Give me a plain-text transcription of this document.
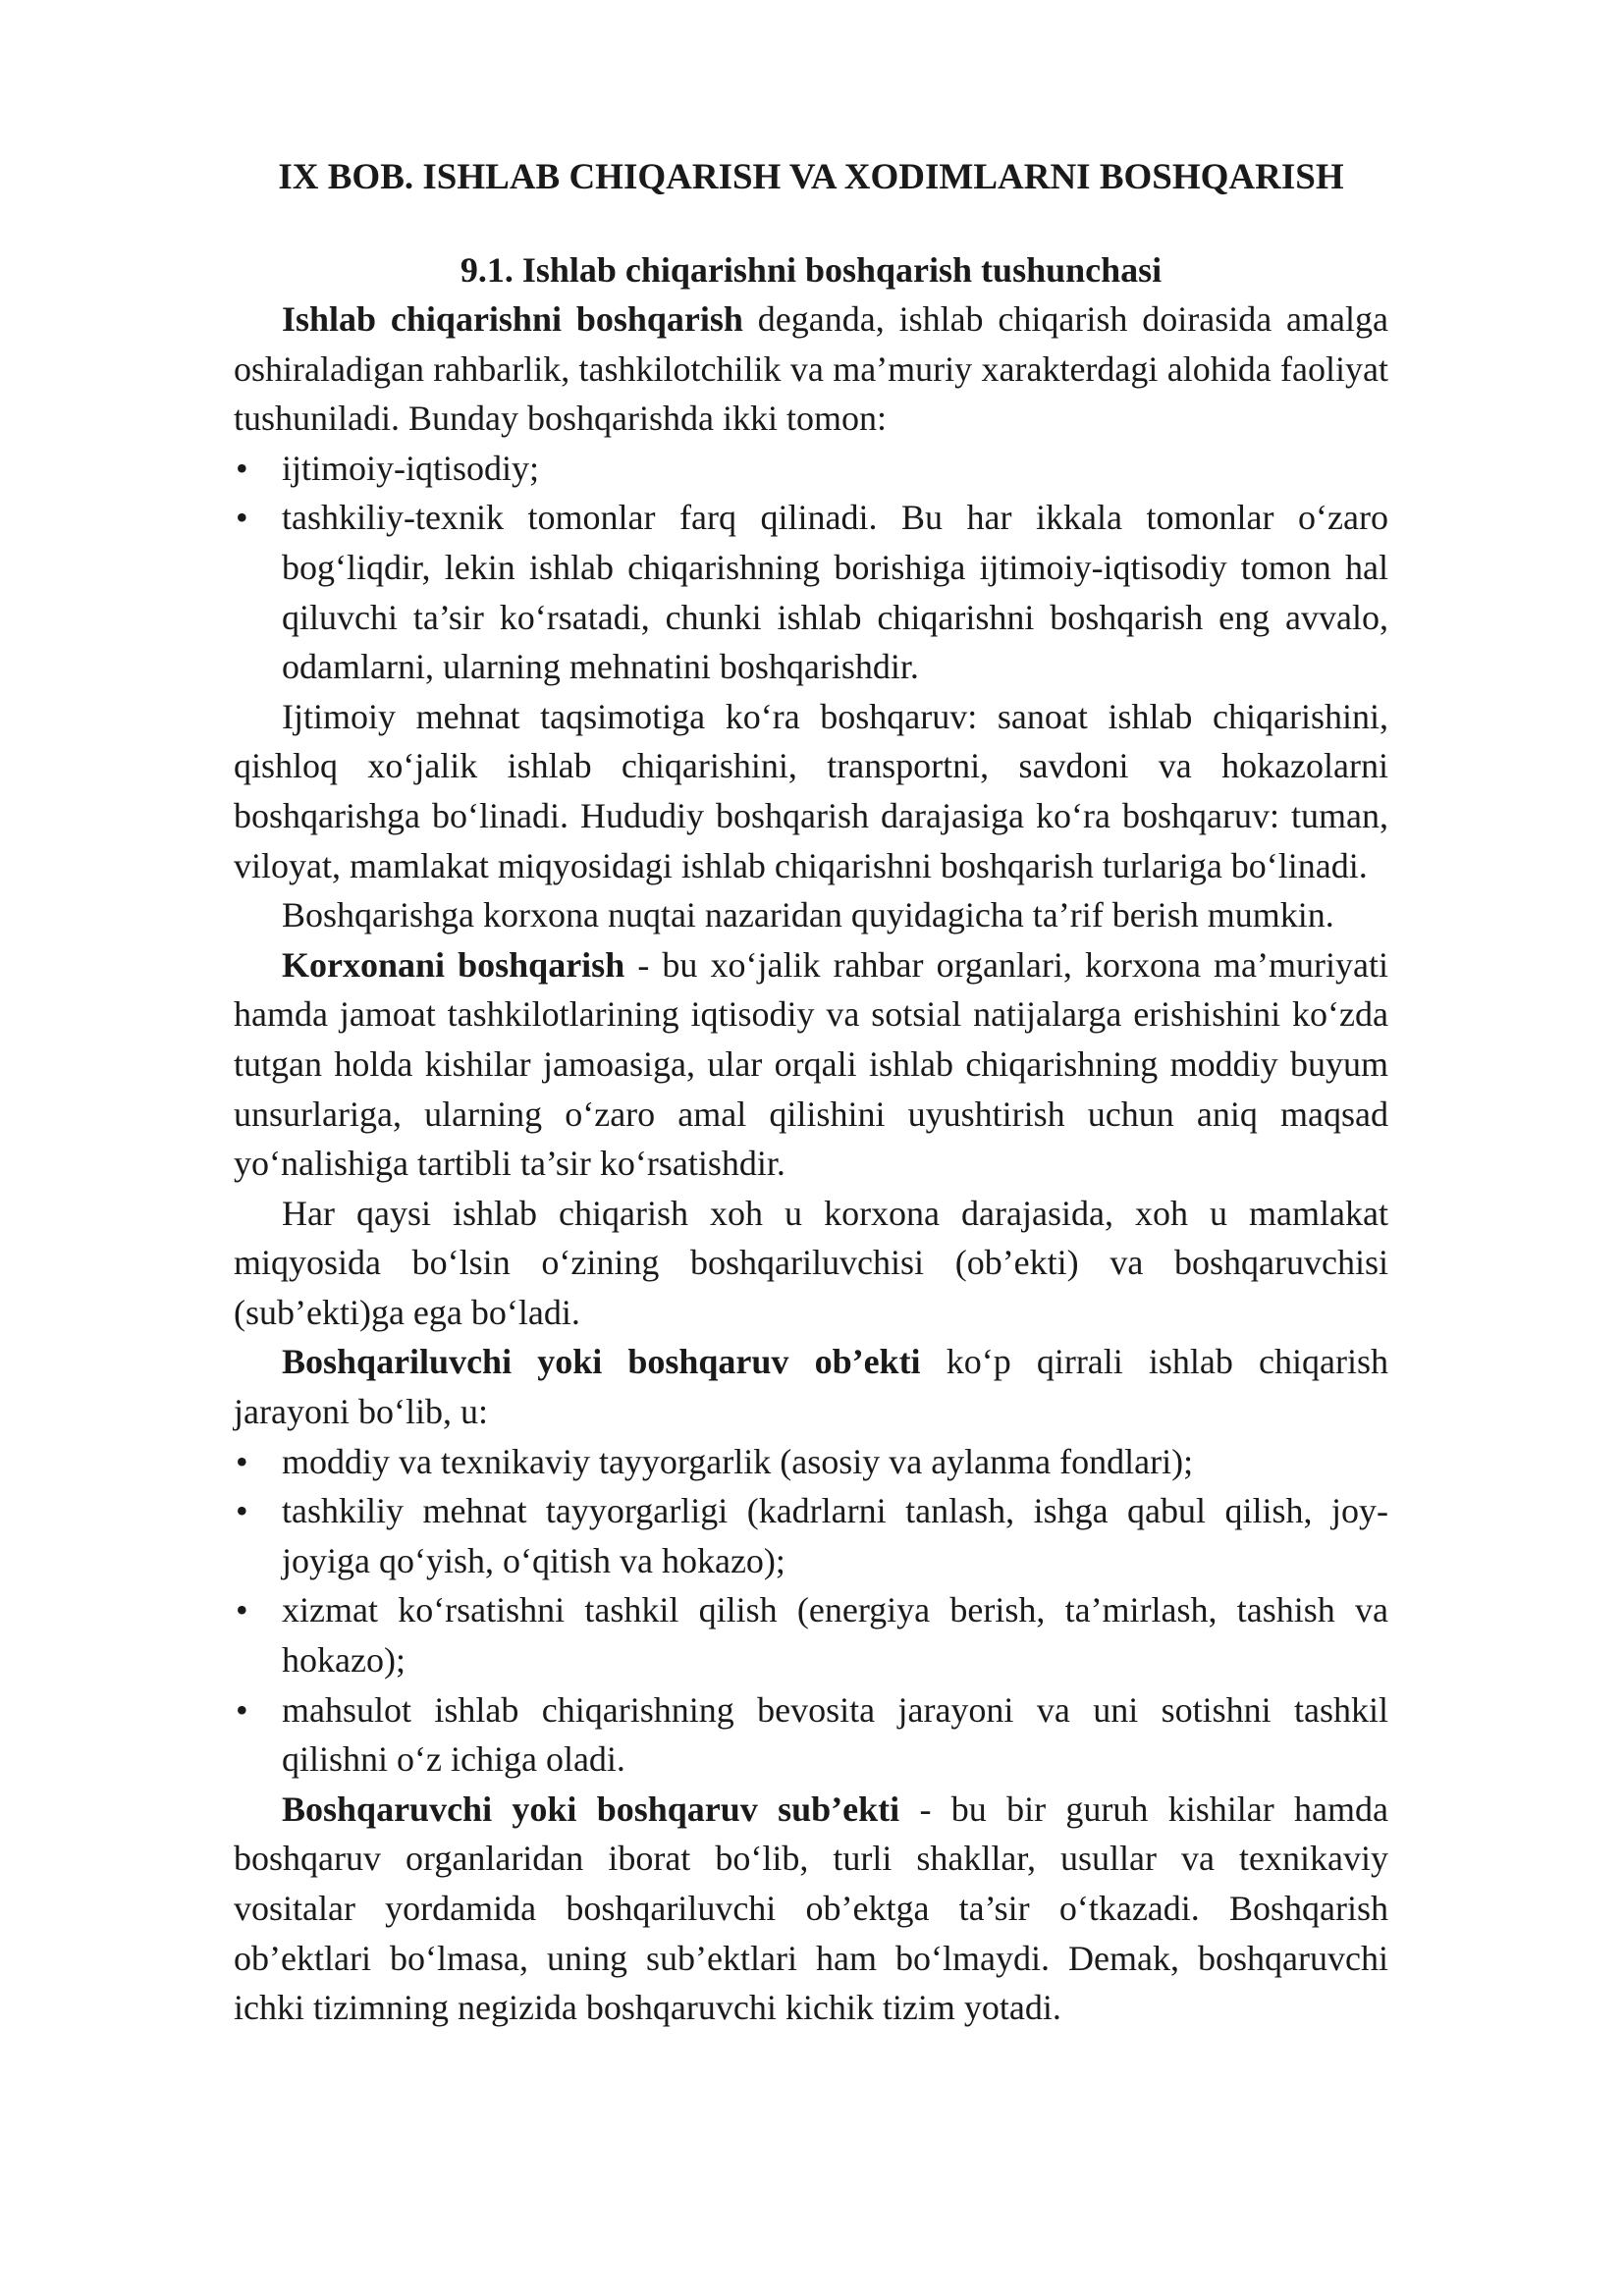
IX BOB. ISHLAB CHIQARISH VA XODIMLARNI BOSHQARISH
9.1. Ishlab chiqarishni boshqarish tushunchasi

Ishlab chiqarishni boshqarish deganda, ishlab chiqarish doirasida amalga oshiraladigan rahbarlik, tashkilotchilik va ma’muriy xarakterdagi alohida faoliyat tushuniladi. Bunday boshqarishda ikki tomon:

• ijtimoiy-iqtisodiy;
• tashkiliy-texnik tomonlar farq qilinadi. Bu har ikkala tomonlar o‘zaro bog‘liqdir, lekin ishlab chiqarishning borishiga ijtimoiy-iqtisodiy tomon hal qiluvchi ta’sir ko‘rsatadi, chunki ishlab chiqarishni boshqarish eng avvalo, odamlarni, ularning mehnatini boshqarishdir.

Ijtimoiy mehnat taqsimotiga ko‘ra boshqaruv: sanoat ishlab chiqarishini, qishloq xo‘jalik ishlab chiqarishini, transportni, savdoni va hokazolarni boshqarishga bo‘linadi. Hududiy boshqarish darajasiga ko‘ra boshqaruv: tuman, viloyat, mamlakat miqyosidagi ishlab chiqarishni boshqarish turlariga bo‘linadi.

Boshqarishga korxona nuqtai nazaridan quyidagicha ta’rif berish mumkin.

Korxonani boshqarish - bu xo‘jalik rahbar organlari, korxona ma’muriyati hamda jamoat tashkilotlarining iqtisodiy va sotsial natijalarga erishishini ko‘zda tutgan holda kishilar jamoasiga, ular orqali ishlab chiqarishning moddiy buyum unsurlariga, ularning o‘zaro amal qilishini uyushtirish uchun aniq maqsad yo‘nalishiga tartibli ta’sir ko‘rsatishdir.

Har qaysi ishlab chiqarish xoh u korxona darajasida, xoh u mamlakat miqyosida bo‘lsin o‘zining boshqariluvchisi (ob’ekti) va boshqaruvchisi (sub’ekti)ga ega bo‘ladi.

Boshqariluvchi yoki boshqaruv ob’ekti ko‘p qirrali ishlab chiqarish jarayoni bo‘lib, u:

• moddiy va texnikaviy tayyorgarlik (asosiy va aylanma fondlari);
• tashkiliy mehnat tayyorgarligi (kadrlarni tanlash, ishga qabul qilish, joy-joyiga qo‘yish, o‘qitish va hokazo);
• xizmat ko‘rsatishni tashkil qilish (energiya berish, ta’mirlash, tashish va hokazo);
• mahsulot ishlab chiqarishning bevosita jarayoni va uni sotishni tashkil qilishni o‘z ichiga oladi.

Boshqaruvchi yoki boshqaruv sub’ekti - bu bir guruh kishilar hamda boshqaruv organlaridan iborat bo‘lib, turli shakllar, usullar va texnikaviy vositalar yordamida boshqariluvchi ob’ektga ta’sir o‘tkazadi. Boshqarish ob’ektlari bo‘lmasa, uning sub’ektlari ham bo‘lmaydi. Demak, boshqaruvchi ichki tizimning negizida boshqaruvchi kichik tizim yotadi.
